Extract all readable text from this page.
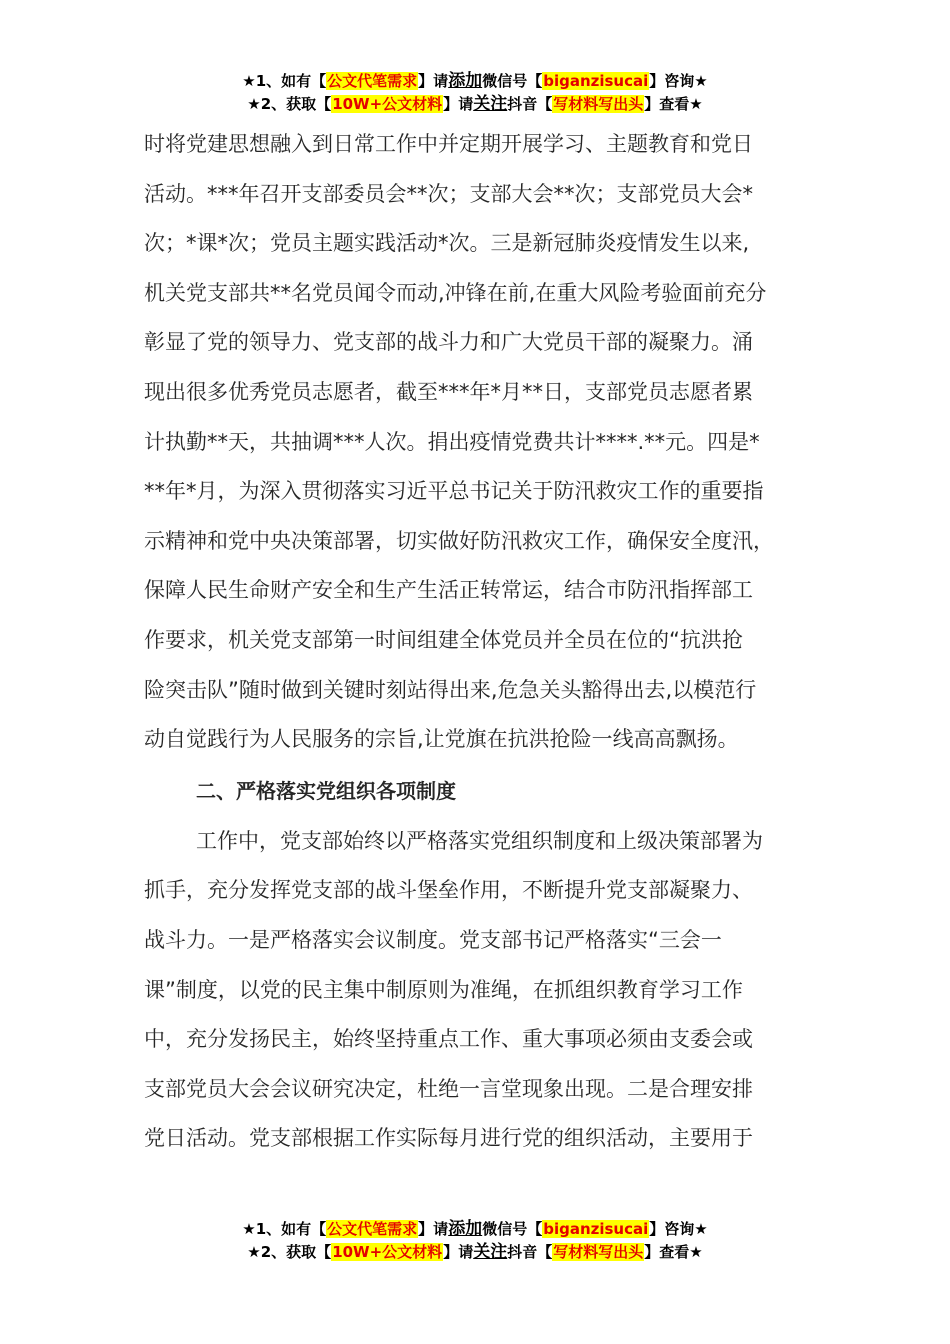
★1、如有【公文代笔需求】请添加微信号【biganzisucai】咨询★
★2、获取【10W+公文材料】请关注抖音【写材料写出头】查看★
时将党建思想融入到日常工作中并定期开展学习、主题教育和党日
活动。***年召开支部委员会**次；支部大会**次；支部党员大会*
次；*课*次；党员主题实践活动*次。三是新冠肺炎疫情发生以来,
机关党支部共**名党员闻令而动,冲锋在前,在重大风险考验面前充分
彰显了党的领导力、党支部的战斗力和广大党员干部的凝聚力。涌
现出很多优秀党员志愿者，截至***年*月**日，支部党员志愿者累
计执勤**天，共抽调***人次。捐出疫情党费共计****.**元。四是*
**年*月，为深入贯彻落实习近平总书记关于防汛救灾工作的重要指
示精神和党中央决策部署，切实做好防汛救灾工作，确保安全度汛，
保障人民生命财产安全和生产生活正转常运，结合市防汛指挥部工
作要求，机关党支部第一时间组建全体党员并全员在位的“抗洪抢
险突击队”随时做到关键时刻站得出来,危急关头豁得出去,以模范行
动自觉践行为人民服务的宗旨,让党旗在抗洪抢险一线高高飘扬。
二、严格落实党组织各项制度
工作中，党支部始终以严格落实党组织制度和上级决策部署为
抓手，充分发挥党支部的战斗堡垒作用，不断提升党支部凝聚力、
战斗力。一是严格落实会议制度。党支部书记严格落实“三会一
课”制度，以党的民主集中制原则为准绳，在抓组织教育学习工作
中，充分发扬民主，始终坚持重点工作、重大事项必须由支委会或
支部党员大会会议研究决定，杜绝一言堂现象出现。二是合理安排
党日活动。党支部根据工作实际每月进行党的组织活动，主要用于
★1、如有【公文代笔需求】请添加微信号【biganzisucai】咨询★
★2、获取【10W+公文材料】请关注抖音【写材料写出头】查看★
